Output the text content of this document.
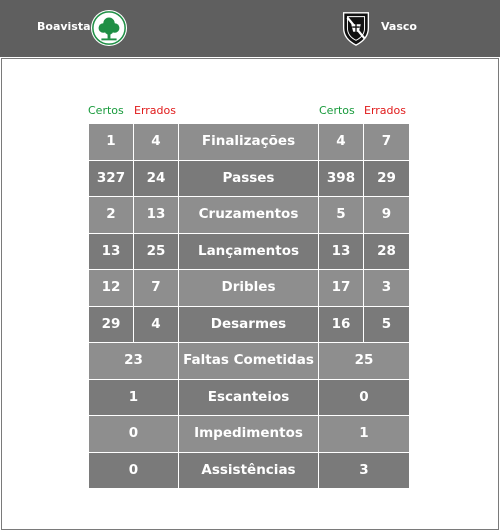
Boavista	Vasco
Certos Errados	Certos Errados
1	4	Finalizações	4	7
327	24	Passes	398	29
2	13	Cruzamentos	5	9
13	25	Lançamentos	13	28
12	7	Dribles	17	3
29	4	Desarmes	16	5
23	Faltas Cometidas	25
1	Escanteios	0
0	Impedimentos	1
0	Assistências	3
